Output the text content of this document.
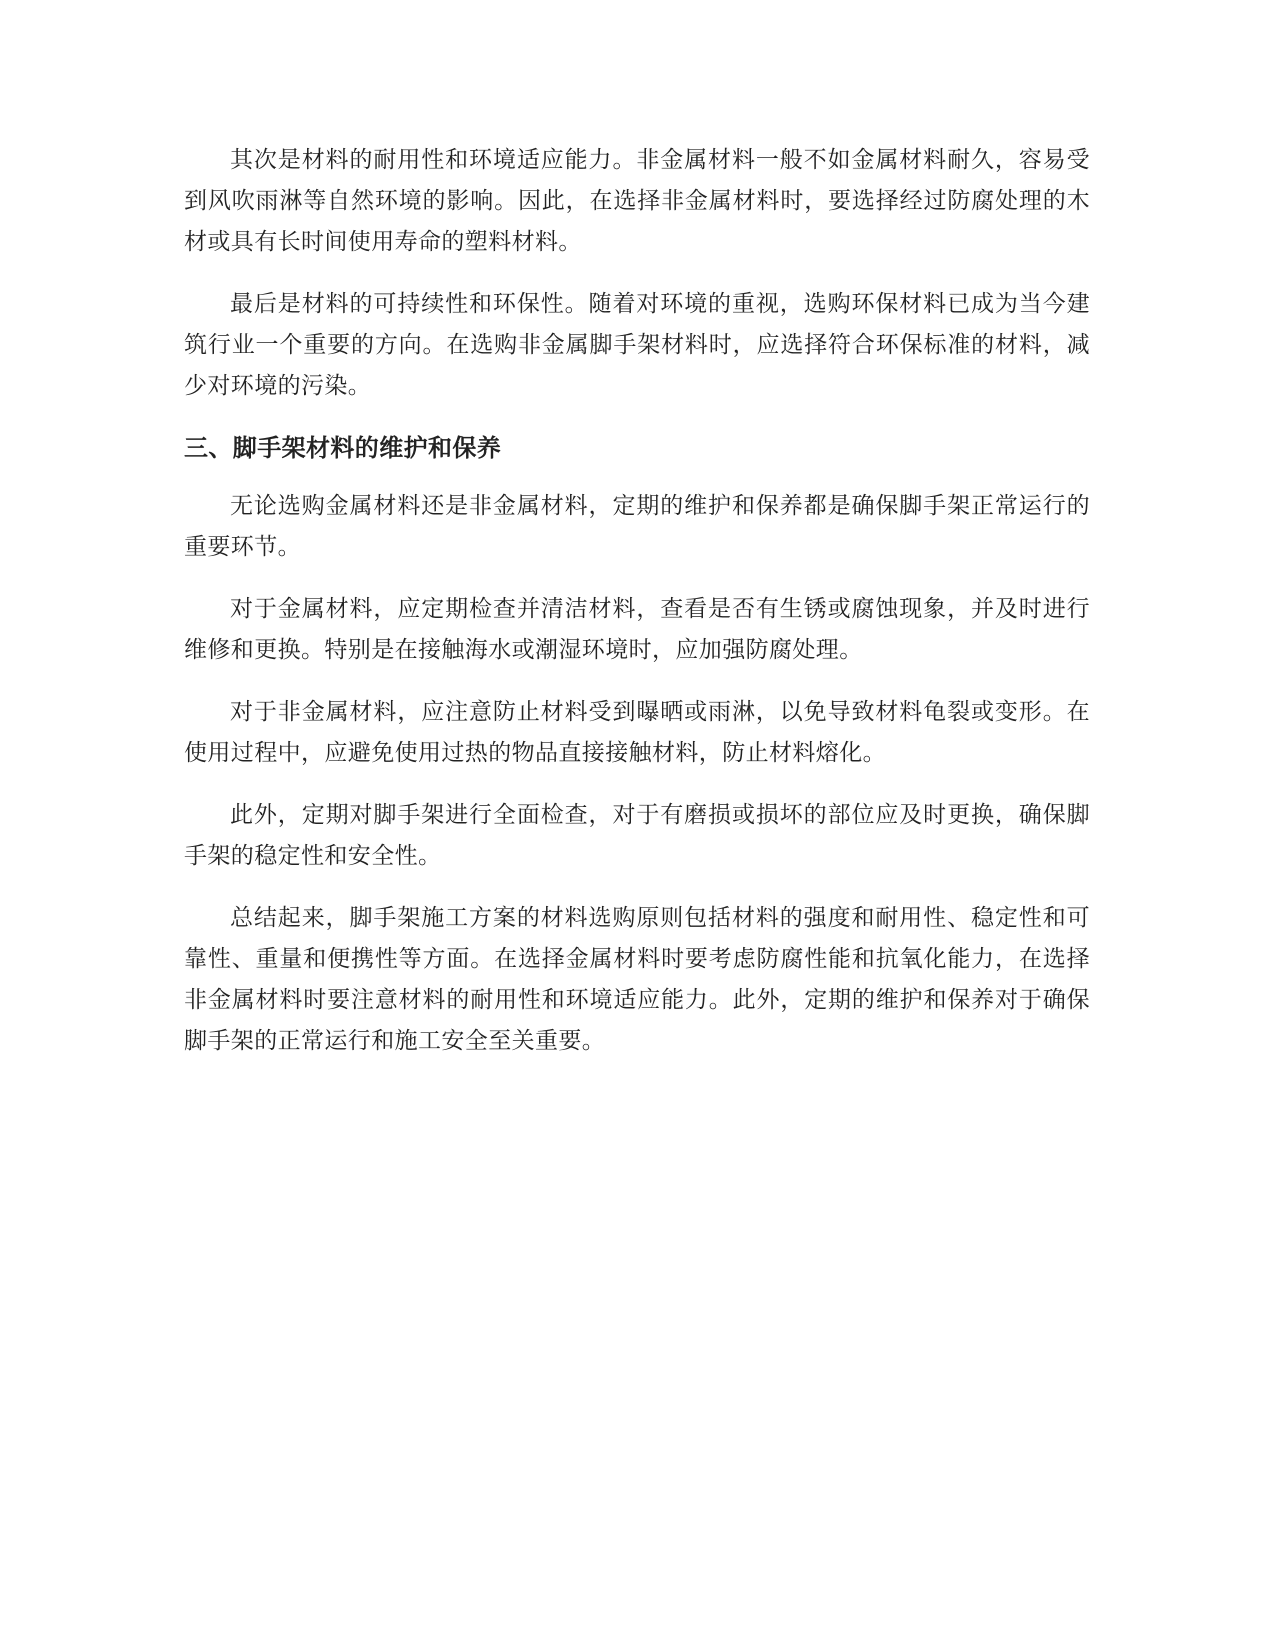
其次是材料的耐用性和环境适应能力。非金属材料一般不如金属材料耐久，容易受到风吹雨淋等自然环境的影响。因此，在选择非金属材料时，要选择经过防腐处理的木材或具有长时间使用寿命的塑料材料。

最后是材料的可持续性和环保性。随着对环境的重视，选购环保材料已成为当今建筑行业一个重要的方向。在选购非金属脚手架材料时，应选择符合环保标准的材料，减少对环境的污染。

三、脚手架材料的维护和保养

无论选购金属材料还是非金属材料，定期的维护和保养都是确保脚手架正常运行的重要环节。

对于金属材料，应定期检查并清洁材料，查看是否有生锈或腐蚀现象，并及时进行维修和更换。特别是在接触海水或潮湿环境时，应加强防腐处理。

对于非金属材料，应注意防止材料受到曝晒或雨淋，以免导致材料龟裂或变形。在使用过程中，应避免使用过热的物品直接接触材料，防止材料熔化。

此外，定期对脚手架进行全面检查，对于有磨损或损坏的部位应及时更换，确保脚手架的稳定性和安全性。

总结起来，脚手架施工方案的材料选购原则包括材料的强度和耐用性、稳定性和可靠性、重量和便携性等方面。在选择金属材料时要考虑防腐性能和抗氧化能力，在选择非金属材料时要注意材料的耐用性和环境适应能力。此外，定期的维护和保养对于确保脚手架的正常运行和施工安全至关重要。
